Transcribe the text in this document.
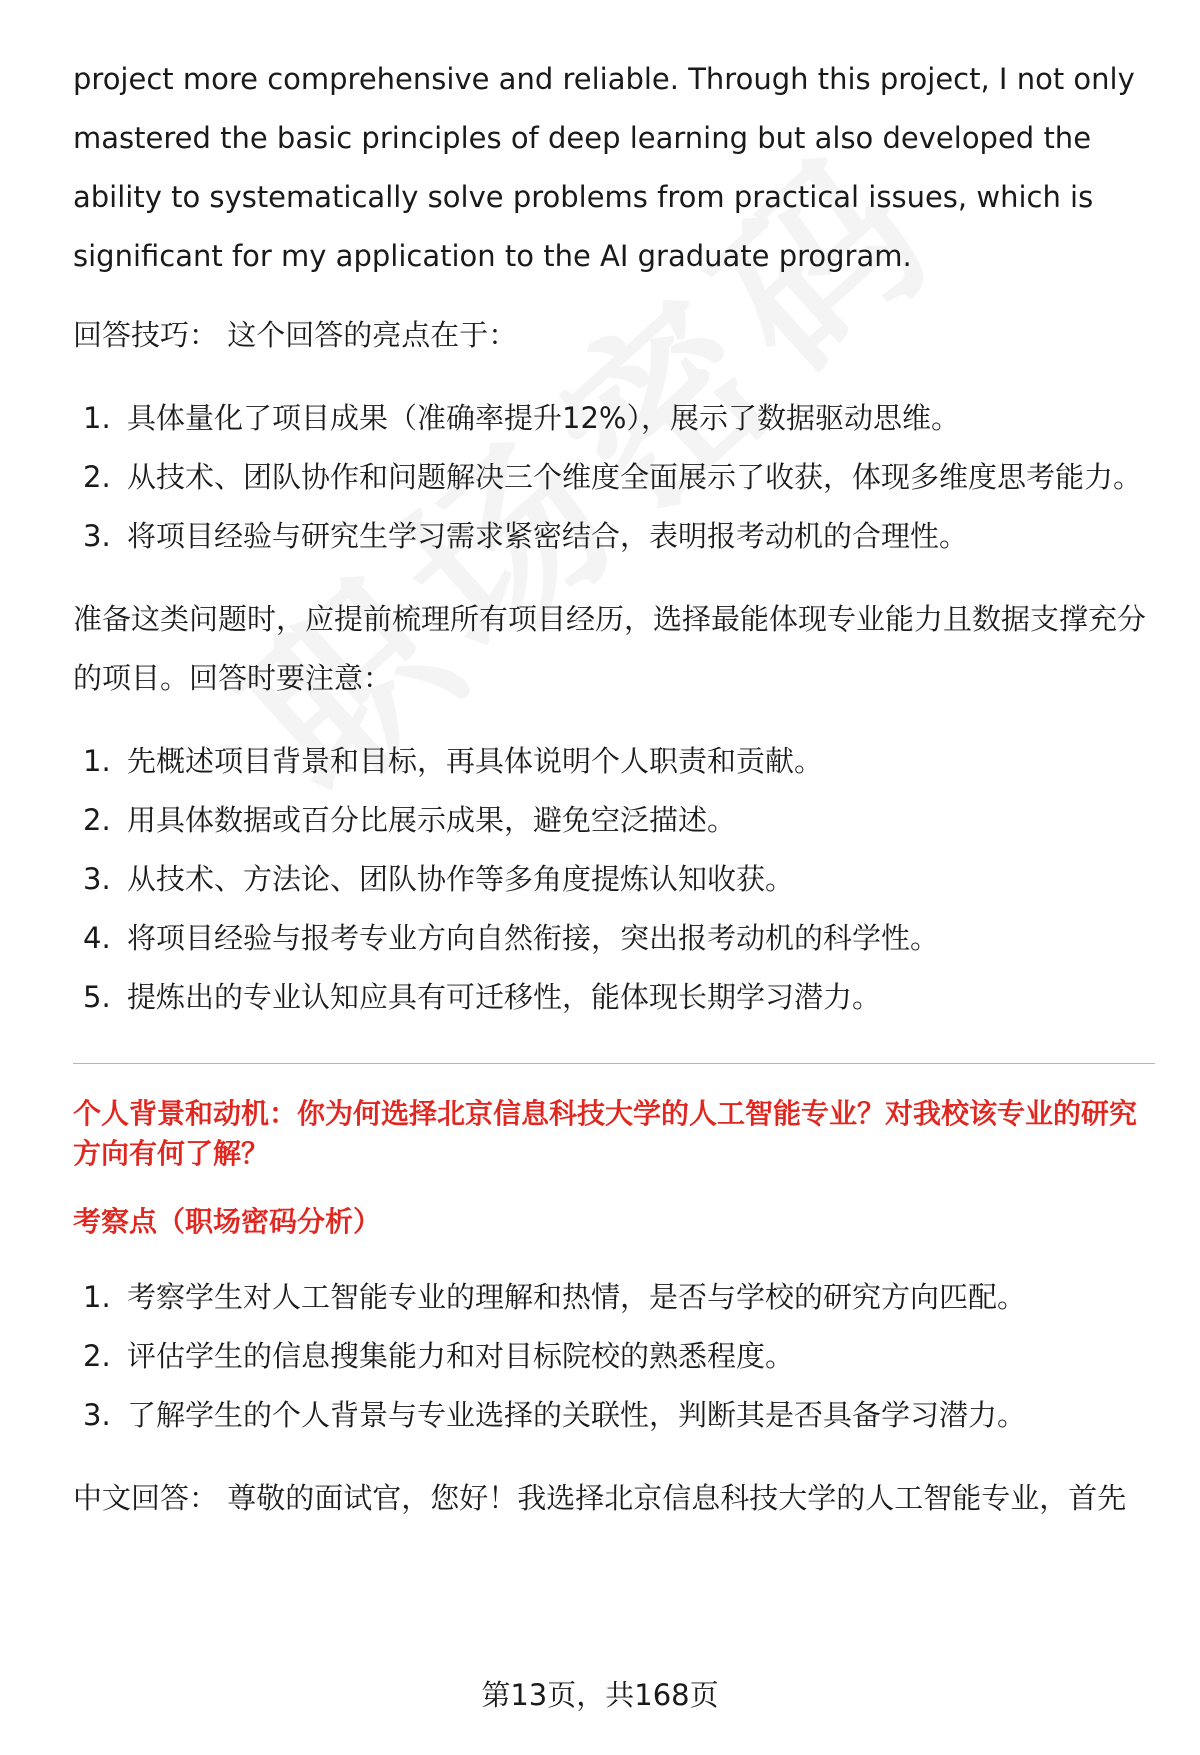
project more comprehensive and reliable. Through this project, I not only mastered the basic principles of deep learning but also developed the ability to systematically solve problems from practical issues, which is significant for my application to the AI graduate program.

回答技巧： 这个回答的亮点在于：

1. 具体量化了项目成果（准确率提升12%），展示了数据驱动思维。
2. 从技术、团队协作和问题解决三个维度全面展示了收获，体现多维度思考能力。
3. 将项目经验与研究生学习需求紧密结合，表明报考动机的合理性。

准备这类问题时，应提前梳理所有项目经历，选择最能体现专业能力且数据支撑充分的项目。回答时要注意：

1. 先概述项目背景和目标，再具体说明个人职责和贡献。
2. 用具体数据或百分比展示成果，避免空泛描述。
3. 从技术、方法论、团队协作等多角度提炼认知收获。
4. 将项目经验与报考专业方向自然衔接，突出报考动机的科学性。
5. 提炼出的专业认知应具有可迁移性，能体现长期学习潜力。
个人背景和动机：你为何选择北京信息科技大学的人工智能专业？对我校该专业的研究方向有何了解？
考察点（职场密码分析）
1. 考察学生对人工智能专业的理解和热情，是否与学校的研究方向匹配。
2. 评估学生的信息搜集能力和对目标院校的熟悉程度。
3. 了解学生的个人背景与专业选择的关联性，判断其是否具备学习潜力。

中文回答： 尊敬的面试官，您好！我选择北京信息科技大学的人工智能专业，首先

第13页，共168页
